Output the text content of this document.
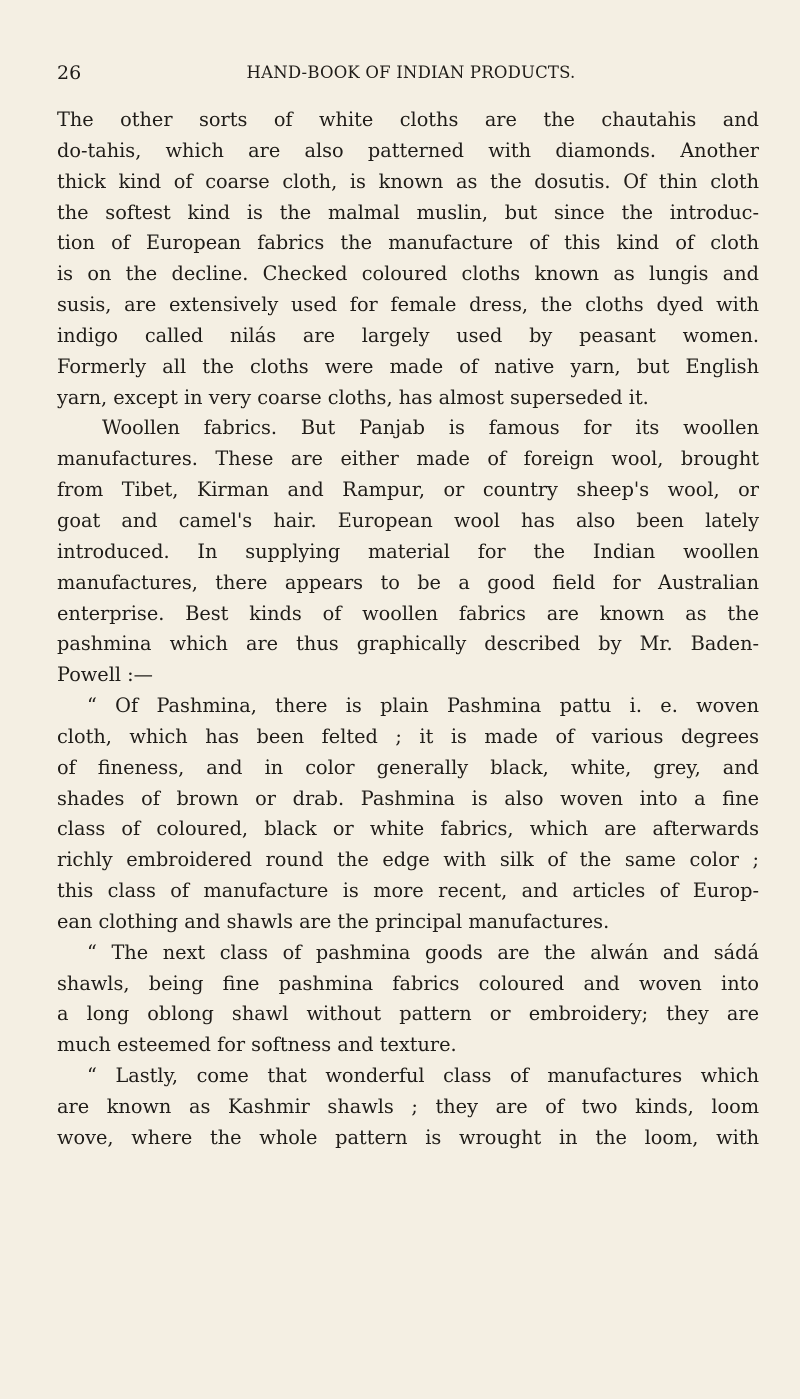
26	HAND-BOOK OF INDIAN PRODUCTS.
The other sorts of white cloths are the chautahis and
do-tahis, which are also patterned with diamonds. Another
thick kind of coarse cloth, is known as the dosutis. Of thin cloth
the softest kind is the malmal muslin, but since the introduc-
tion of European fabrics the manufacture of this kind of cloth
is on the decline. Checked coloured cloths known as lungis and
susis, are extensively used for female dress, the cloths dyed with
indigo called nilás are largely used by peasant women.
Formerly all the cloths were made of native yarn, but English
yarn, except in very coarse cloths, has almost superseded it.
Woollen fabrics. But Panjab is famous for its woollen
manufactures. These are either made of foreign wool, brought
from Tibet, Kirman and Rampur, or country sheep's wool, or
goat and camel's hair. European wool has also been lately
introduced. In supplying material for the Indian woollen
manufactures, there appears to be a good field for Australian
enterprise. Best kinds of woollen fabrics are known as the
pashmina which are thus graphically described by Mr. Baden-
Powell :—
“ Of Pashmina, there is plain Pashmina pattu i. e. woven
cloth, which has been felted ; it is made of various degrees
of fineness, and in color generally black, white, grey, and
shades of brown or drab. Pashmina is also woven into a fine
class of coloured, black or white fabrics, which are afterwards
richly embroidered round the edge with silk of the same color ;
this class of manufacture is more recent, and articles of Europ-
ean clothing and shawls are the principal manufactures.
“ The next class of pashmina goods are the alwán and sádá
shawls, being fine pashmina fabrics coloured and woven into
a long oblong shawl without pattern or embroidery; they are
much esteemed for softness and texture.
“ Lastly, come that wonderful class of manufactures which
are known as Kashmir shawls ; they are of two kinds, loom
wove, where the whole pattern is wrought in the loom, with
